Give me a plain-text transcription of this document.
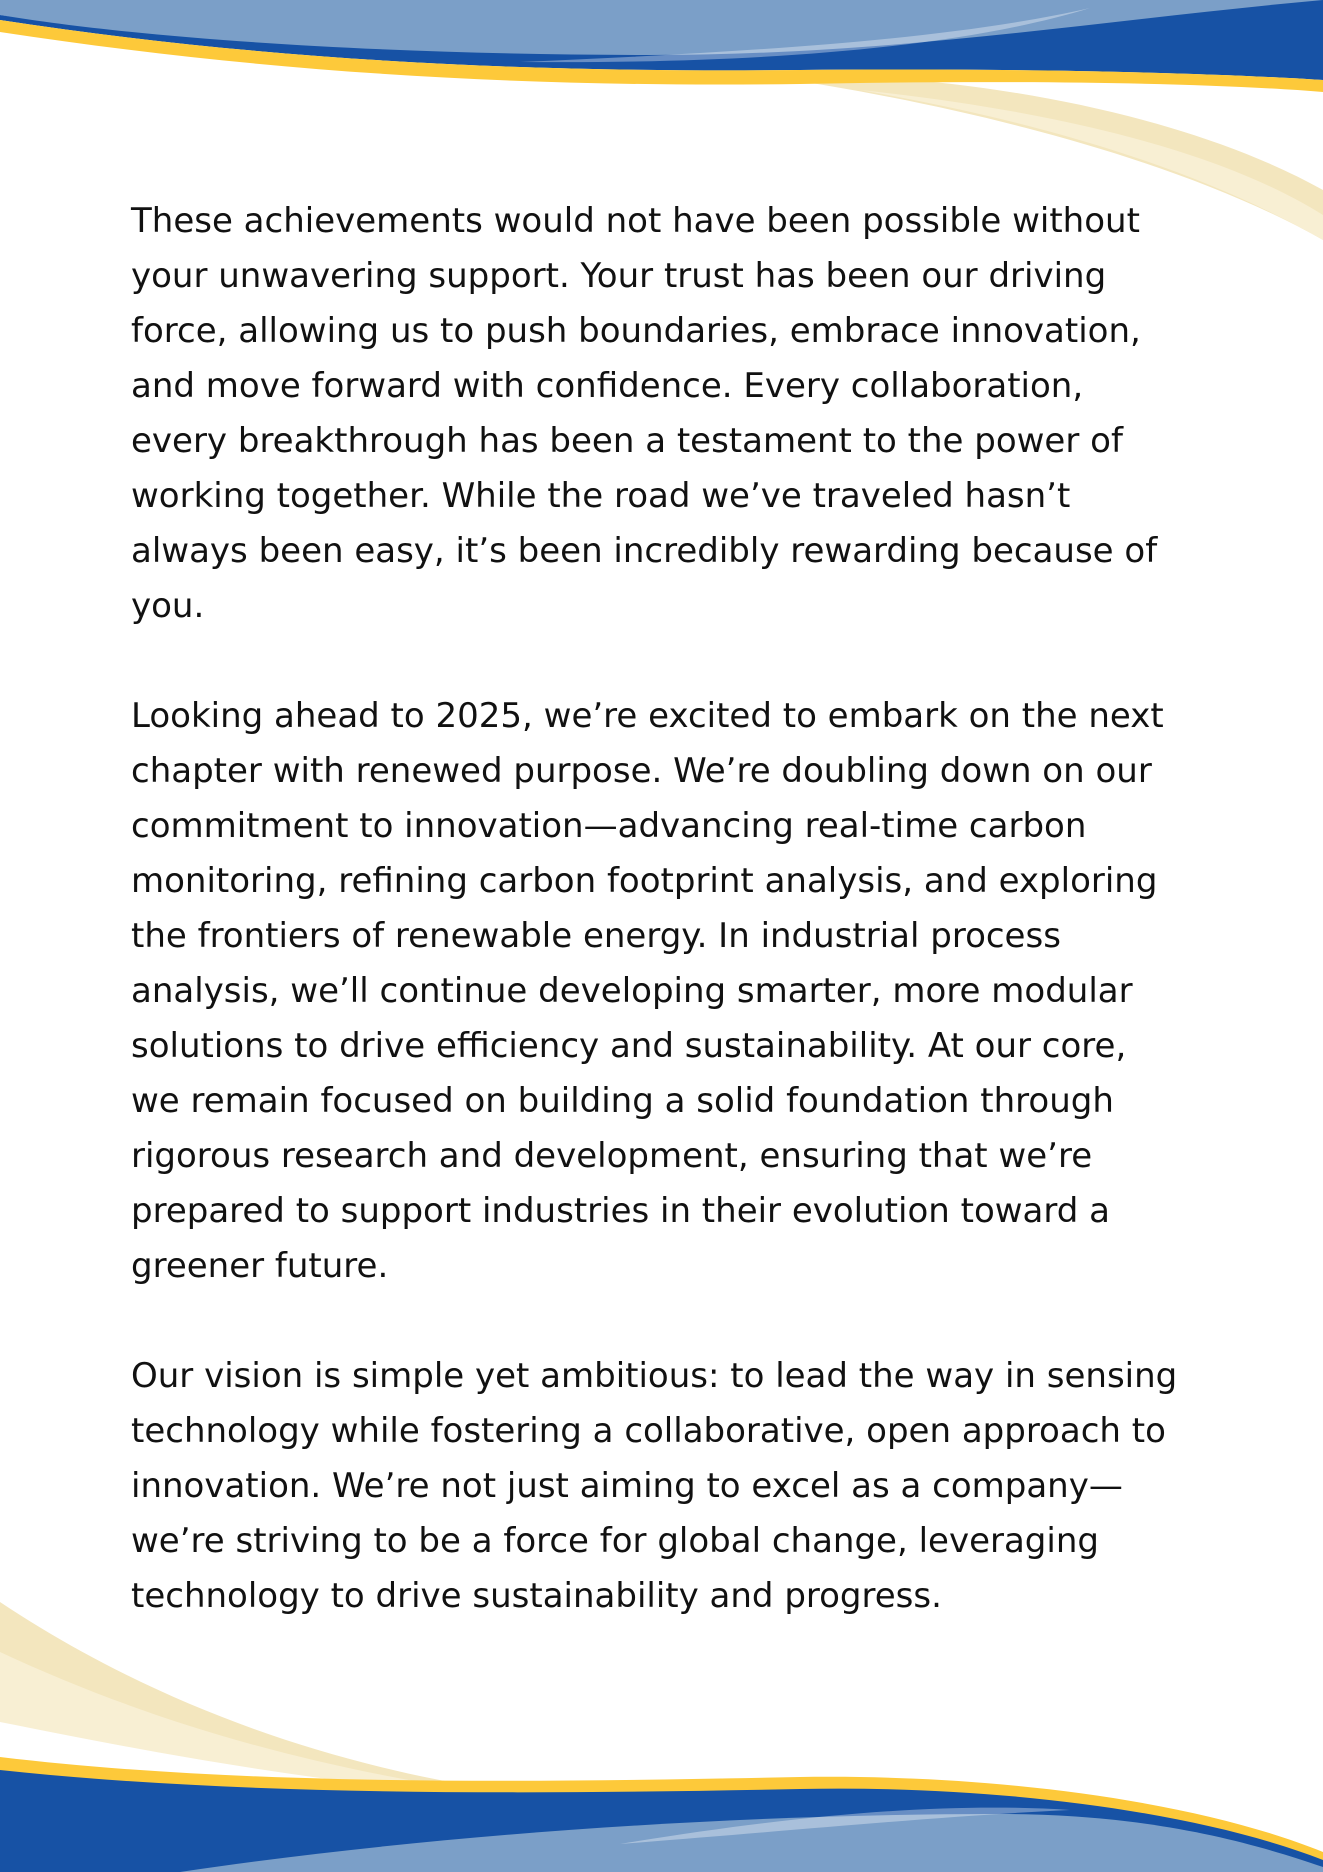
These achievements would not have been possible without
your unwavering support. Your trust has been our driving
force, allowing us to push boundaries, embrace innovation,
and move forward with confidence. Every collaboration,
every breakthrough has been a testament to the power of
working together. While the road we’ve traveled hasn’t
always been easy, it’s been incredibly rewarding because of
you.

Looking ahead to 2025, we’re excited to embark on the next
chapter with renewed purpose. We’re doubling down on our
commitment to innovation—advancing real-time carbon
monitoring, refining carbon footprint analysis, and exploring
the frontiers of renewable energy. In industrial process
analysis, we’ll continue developing smarter, more modular
solutions to drive efficiency and sustainability. At our core,
we remain focused on building a solid foundation through
rigorous research and development, ensuring that we’re
prepared to support industries in their evolution toward a
greener future.

Our vision is simple yet ambitious: to lead the way in sensing
technology while fostering a collaborative, open approach to
innovation. We’re not just aiming to excel as a company—
we’re striving to be a force for global change, leveraging
technology to drive sustainability and progress.
